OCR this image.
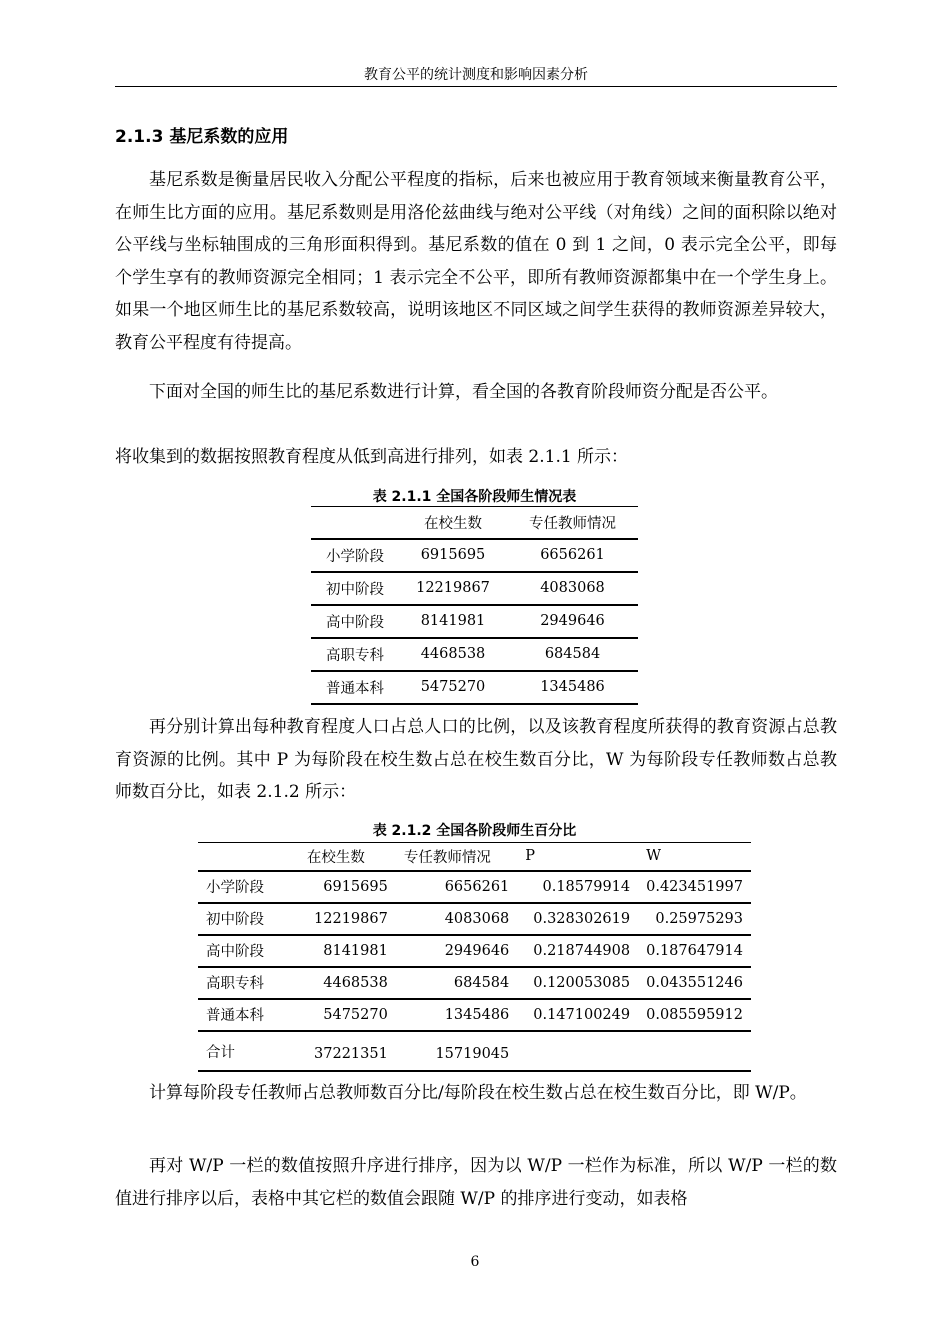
教育公平的统计测度和影响因素分析
2.1.3 基尼系数的应用

基尼系数是衡量居民收入分配公平程度的指标，后来也被应用于教育领域来衡量教育公平，在师生比方面的应用。基尼系数则是用洛伦兹曲线与绝对公平线（对角线）之间的面积除以绝对公平线与坐标轴围成的三角形面积得到。基尼系数的值在 0 到 1 之间，0 表示完全公平，即每个学生享有的教师资源完全相同；1 表示完全不公平，即所有教师资源都集中在一个学生身上。如果一个地区师生比的基尼系数较高，说明该地区不同区域之间学生获得的教师资源差异较大，教育公平程度有待提高。

下面对全国的师生比的基尼系数进行计算，看全国的各教育阶段师资分配是否公平。

将收集到的数据按照教育程度从低到高进行排列，如表 2.1.1 所示：

表 2.1.1 全国各阶段师生情况表
	在校生数	专任教师情况
小学阶段	6915695	6656261
初中阶段	12219867	4083068
高中阶段	8141981	2949646
高职专科	4468538	684584
普通本科	5475270	1345486

再分别计算出每种教育程度人口占总人口的比例，以及该教育程度所获得的教育资源占总教育资源的比例。其中 P 为每阶段在校生数占总在校生数百分比，W 为每阶段专任教师数占总教师数百分比，如表 2.1.2 所示：

表 2.1.2 全国各阶段师生百分比
	在校生数	专任教师情况	P	W
小学阶段	6915695	6656261	0.18579914	0.423451997
初中阶段	12219867	4083068	0.328302619	0.25975293
高中阶段	8141981	2949646	0.218744908	0.187647914
高职专科	4468538	684584	0.120053085	0.043551246
普通本科	5475270	1345486	0.147100249	0.085595912
合计	37221351	15719045		

计算每阶段专任教师占总教师数百分比/每阶段在校生数占总在校生数百分比，即 W/P。

再对 W/P 一栏的数值按照升序进行排序，因为以 W/P 一栏作为标准，所以 W/P 一栏的数值进行排序以后，表格中其它栏的数值会跟随 W/P 的排序进行变动，如表格

6
